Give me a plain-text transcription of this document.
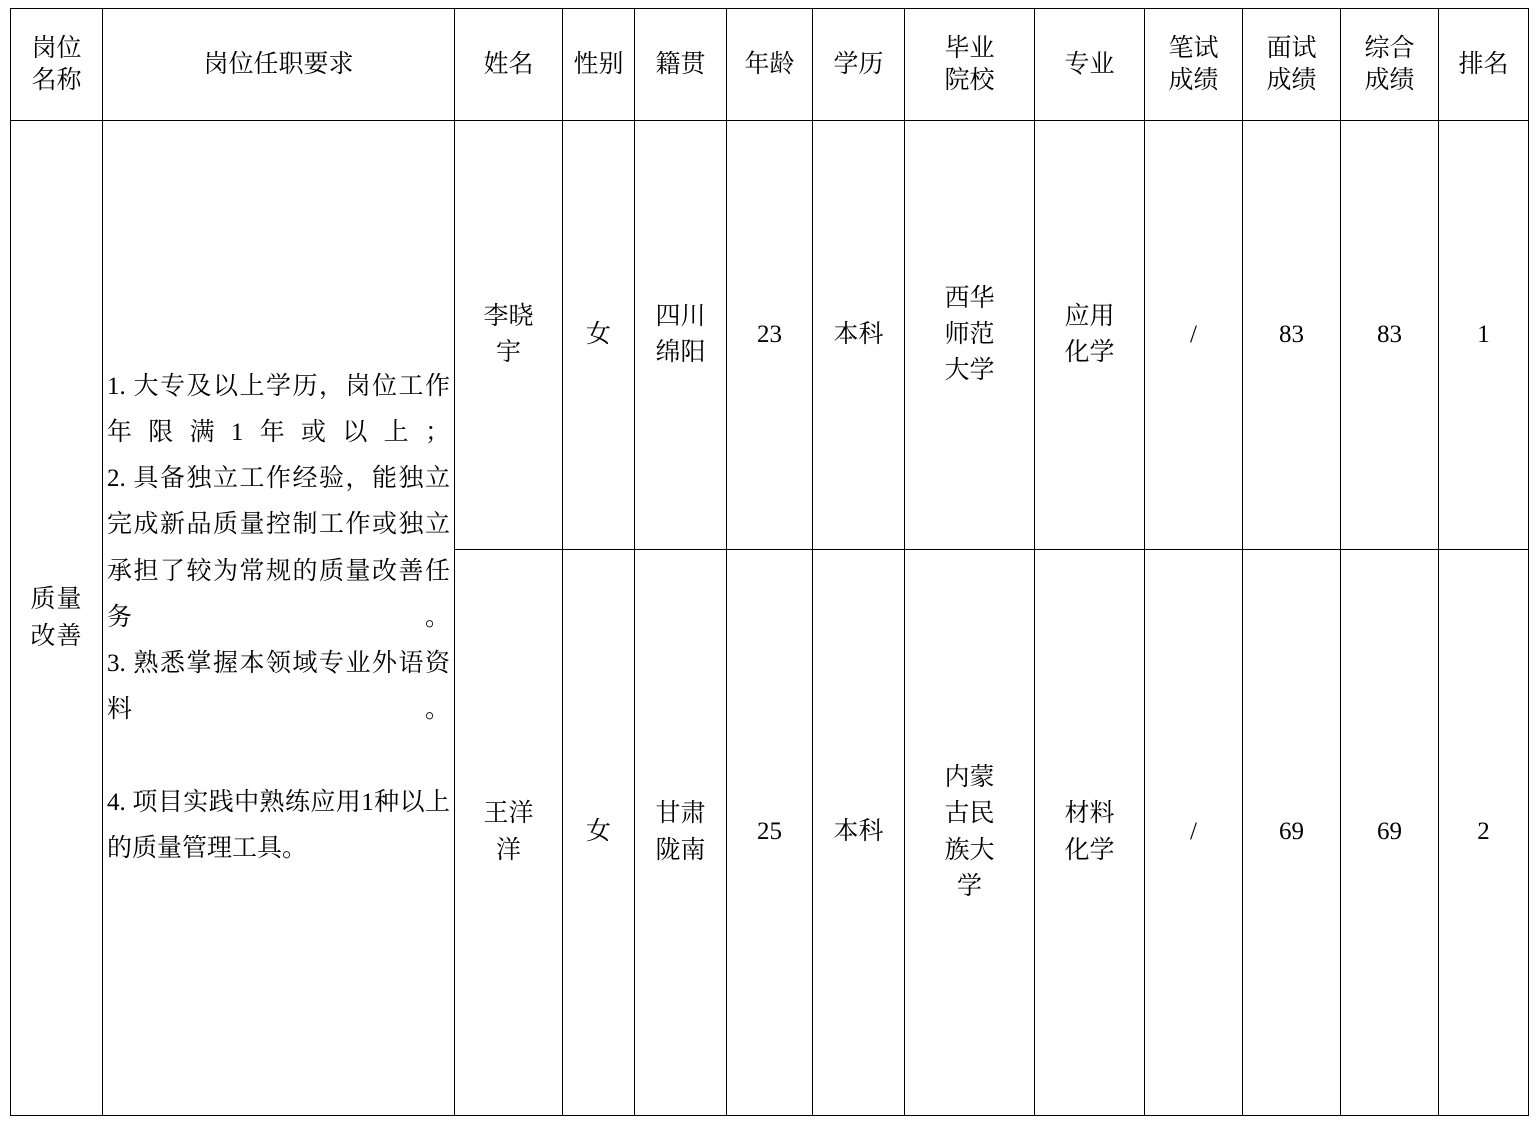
岗位名称	岗位任职要求	姓名	性别	籍贯	年龄	学历	毕业院校	专业	笔试成绩	面试成绩	综合成绩	排名
质量改善	1. 大专及以上学历，岗位工作年限满1年或以上；

2. 具备独立工作经验，能独立完成新品质量控制工作或独立承担了较为常规的质量改善任务。

3. 熟悉掌握本领域专业外语资料。

4. 项目实践中熟练应用1种以上的质量管理工具。	李晓宇	女	四川绵阳	23	本科	西华师范大学	应用化学	/	83	83	1
		王洋洋	女	甘肃陇南	25	本科	内蒙古民族大学	材料化学	/	69	69	2
